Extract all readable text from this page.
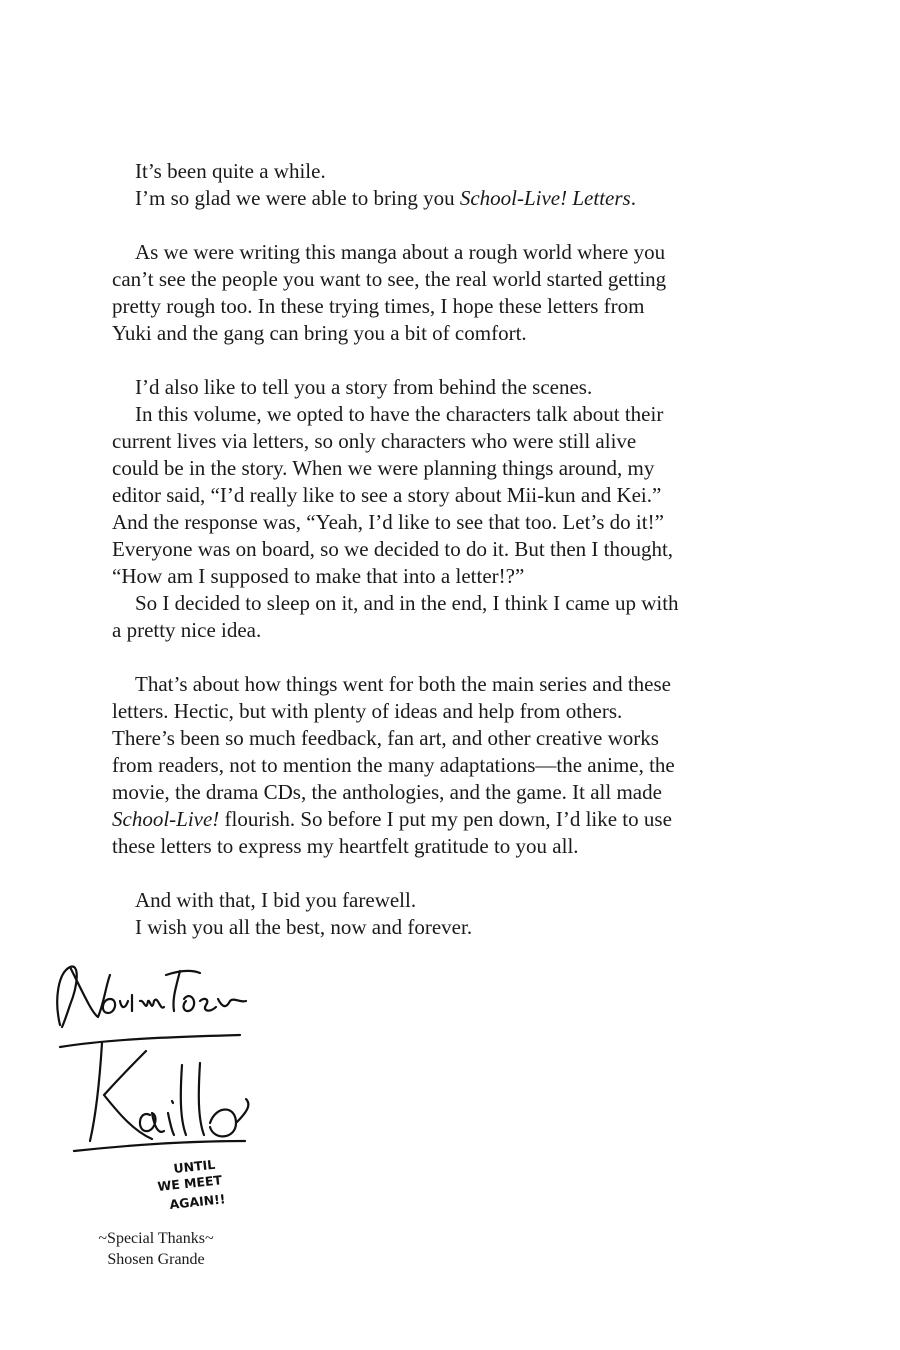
It’s been quite a while.
I’m so glad we were able to bring you School-Live! Letters.

As we were writing this manga about a rough world where you
can’t see the people you want to see, the real world started getting
pretty rough too. In these trying times, I hope these letters from
Yuki and the gang can bring you a bit of comfort.

I’d also like to tell you a story from behind the scenes.
In this volume, we opted to have the characters talk about their
current lives via letters, so only characters who were still alive
could be in the story. When we were planning things around, my
editor said, “I’d really like to see a story about Mii-kun and Kei.”
And the response was, “Yeah, I’d like to see that too. Let’s do it!”
Everyone was on board, so we decided to do it. But then I thought,
“How am I supposed to make that into a letter!?”
So I decided to sleep on it, and in the end, I think I came up with
a pretty nice idea.

That’s about how things went for both the main series and these
letters. Hectic, but with plenty of ideas and help from others.
There’s been so much feedback, fan art, and other creative works
from readers, not to mention the many adaptations—the anime, the
movie, the drama CDs, the anthologies, and the game. It all made
School-Live! flourish. So before I put my pen down, I’d like to use
these letters to express my heartfelt gratitude to you all.

And with that, I bid you farewell.
I wish you all the best, now and forever.

UNTIL
WE MEET
AGAIN!!
~Special Thanks~
Shosen Grande
